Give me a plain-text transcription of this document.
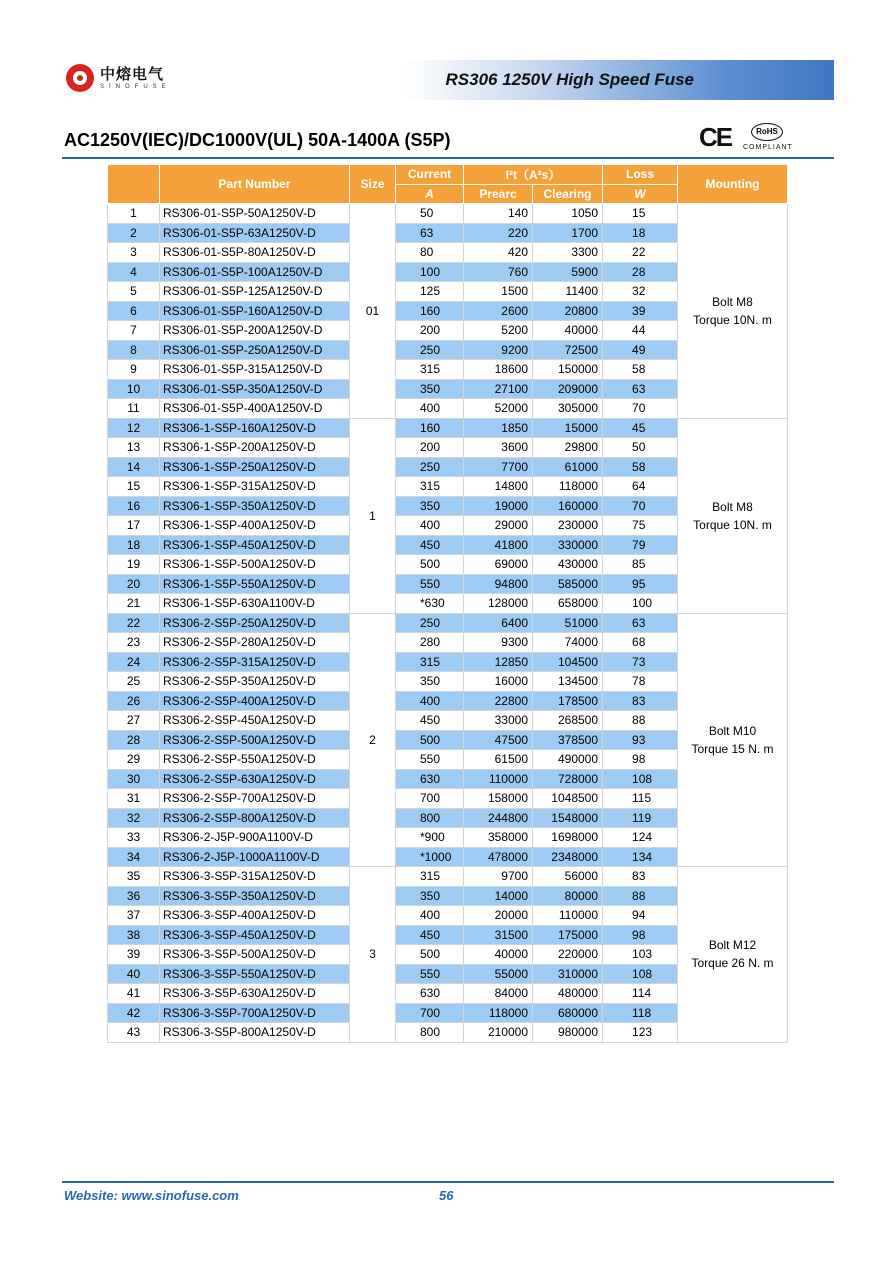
中熔电气
SINOFUSE	RS306 1250V High Speed Fuse
AC1250V(IEC)/DC1000V(UL) 50A-1400A (S5P)	CE	RoHS
COMPLIANT
	Part Number	Size	Current	I²t（A²s）		Loss	Mounting
			A	Prearc	Clearing	W	
1	RS306-01-S5P-50A1250V-D	01	50	140	1050	15	Bolt M8
Torque 10N. m

2	RS306-01-S5P-63A1250V-D		63	220	1700	18	
3	RS306-01-S5P-80A1250V-D		80	420	3300	22	
4	RS306-01-S5P-100A1250V-D		100	760	5900	28	
5	RS306-01-S5P-125A1250V-D		125	1500	11400	32	
6	RS306-01-S5P-160A1250V-D		160	2600	20800	39	
7	RS306-01-S5P-200A1250V-D		200	5200	40000	44	
8	RS306-01-S5P-250A1250V-D		250	9200	72500	49	
9	RS306-01-S5P-315A1250V-D		315	18600	150000	58	
10	RS306-01-S5P-350A1250V-D		350	27100	209000	63	
11	RS306-01-S5P-400A1250V-D		400	52000	305000	70	
12	RS306-1-S5P-160A1250V-D	1	160	1850	15000	45	Bolt M8
Torque 10N. m

13	RS306-1-S5P-200A1250V-D		200	3600	29800	50	
14	RS306-1-S5P-250A1250V-D		250	7700	61000	58	
15	RS306-1-S5P-315A1250V-D		315	14800	118000	64	
16	RS306-1-S5P-350A1250V-D		350	19000	160000	70	
17	RS306-1-S5P-400A1250V-D		400	29000	230000	75	
18	RS306-1-S5P-450A1250V-D		450	41800	330000	79	
19	RS306-1-S5P-500A1250V-D		500	69000	430000	85	
20	RS306-1-S5P-550A1250V-D		550	94800	585000	95	
21	RS306-1-S5P-630A1100V-D		*630	128000	658000	100	
22	RS306-2-S5P-250A1250V-D	2	250	6400	51000	63	Bolt M10
Torque 15 N. m

23	RS306-2-S5P-280A1250V-D		280	9300	74000	68	
24	RS306-2-S5P-315A1250V-D		315	12850	104500	73	
25	RS306-2-S5P-350A1250V-D		350	16000	134500	78	
26	RS306-2-S5P-400A1250V-D		400	22800	178500	83	
27	RS306-2-S5P-450A1250V-D		450	33000	268500	88	
28	RS306-2-S5P-500A1250V-D		500	47500	378500	93	
29	RS306-2-S5P-550A1250V-D		550	61500	490000	98	
30	RS306-2-S5P-630A1250V-D		630	110000	728000	108	
31	RS306-2-S5P-700A1250V-D		700	158000	1048500	115	
32	RS306-2-S5P-800A1250V-D		800	244800	1548000	119	
33	RS306-2-J5P-900A1100V-D		*900	358000	1698000	124	
34	RS306-2-J5P-1000A1100V-D		*1000	478000	2348000	134	
35	RS306-3-S5P-315A1250V-D	3	315	9700	56000	83	Bolt M12
Torque 26 N. m

36	RS306-3-S5P-350A1250V-D		350	14000	80000	88	
37	RS306-3-S5P-400A1250V-D		400	20000	110000	94	
38	RS306-3-S5P-450A1250V-D		450	31500	175000	98	
39	RS306-3-S5P-500A1250V-D		500	40000	220000	103	
40	RS306-3-S5P-550A1250V-D		550	55000	310000	108	
41	RS306-3-S5P-630A1250V-D		630	84000	480000	114	
42	RS306-3-S5P-700A1250V-D		700	118000	680000	118	
43	RS306-3-S5P-800A1250V-D		800	210000	980000	123	
Website: www.sinofuse.com	56
